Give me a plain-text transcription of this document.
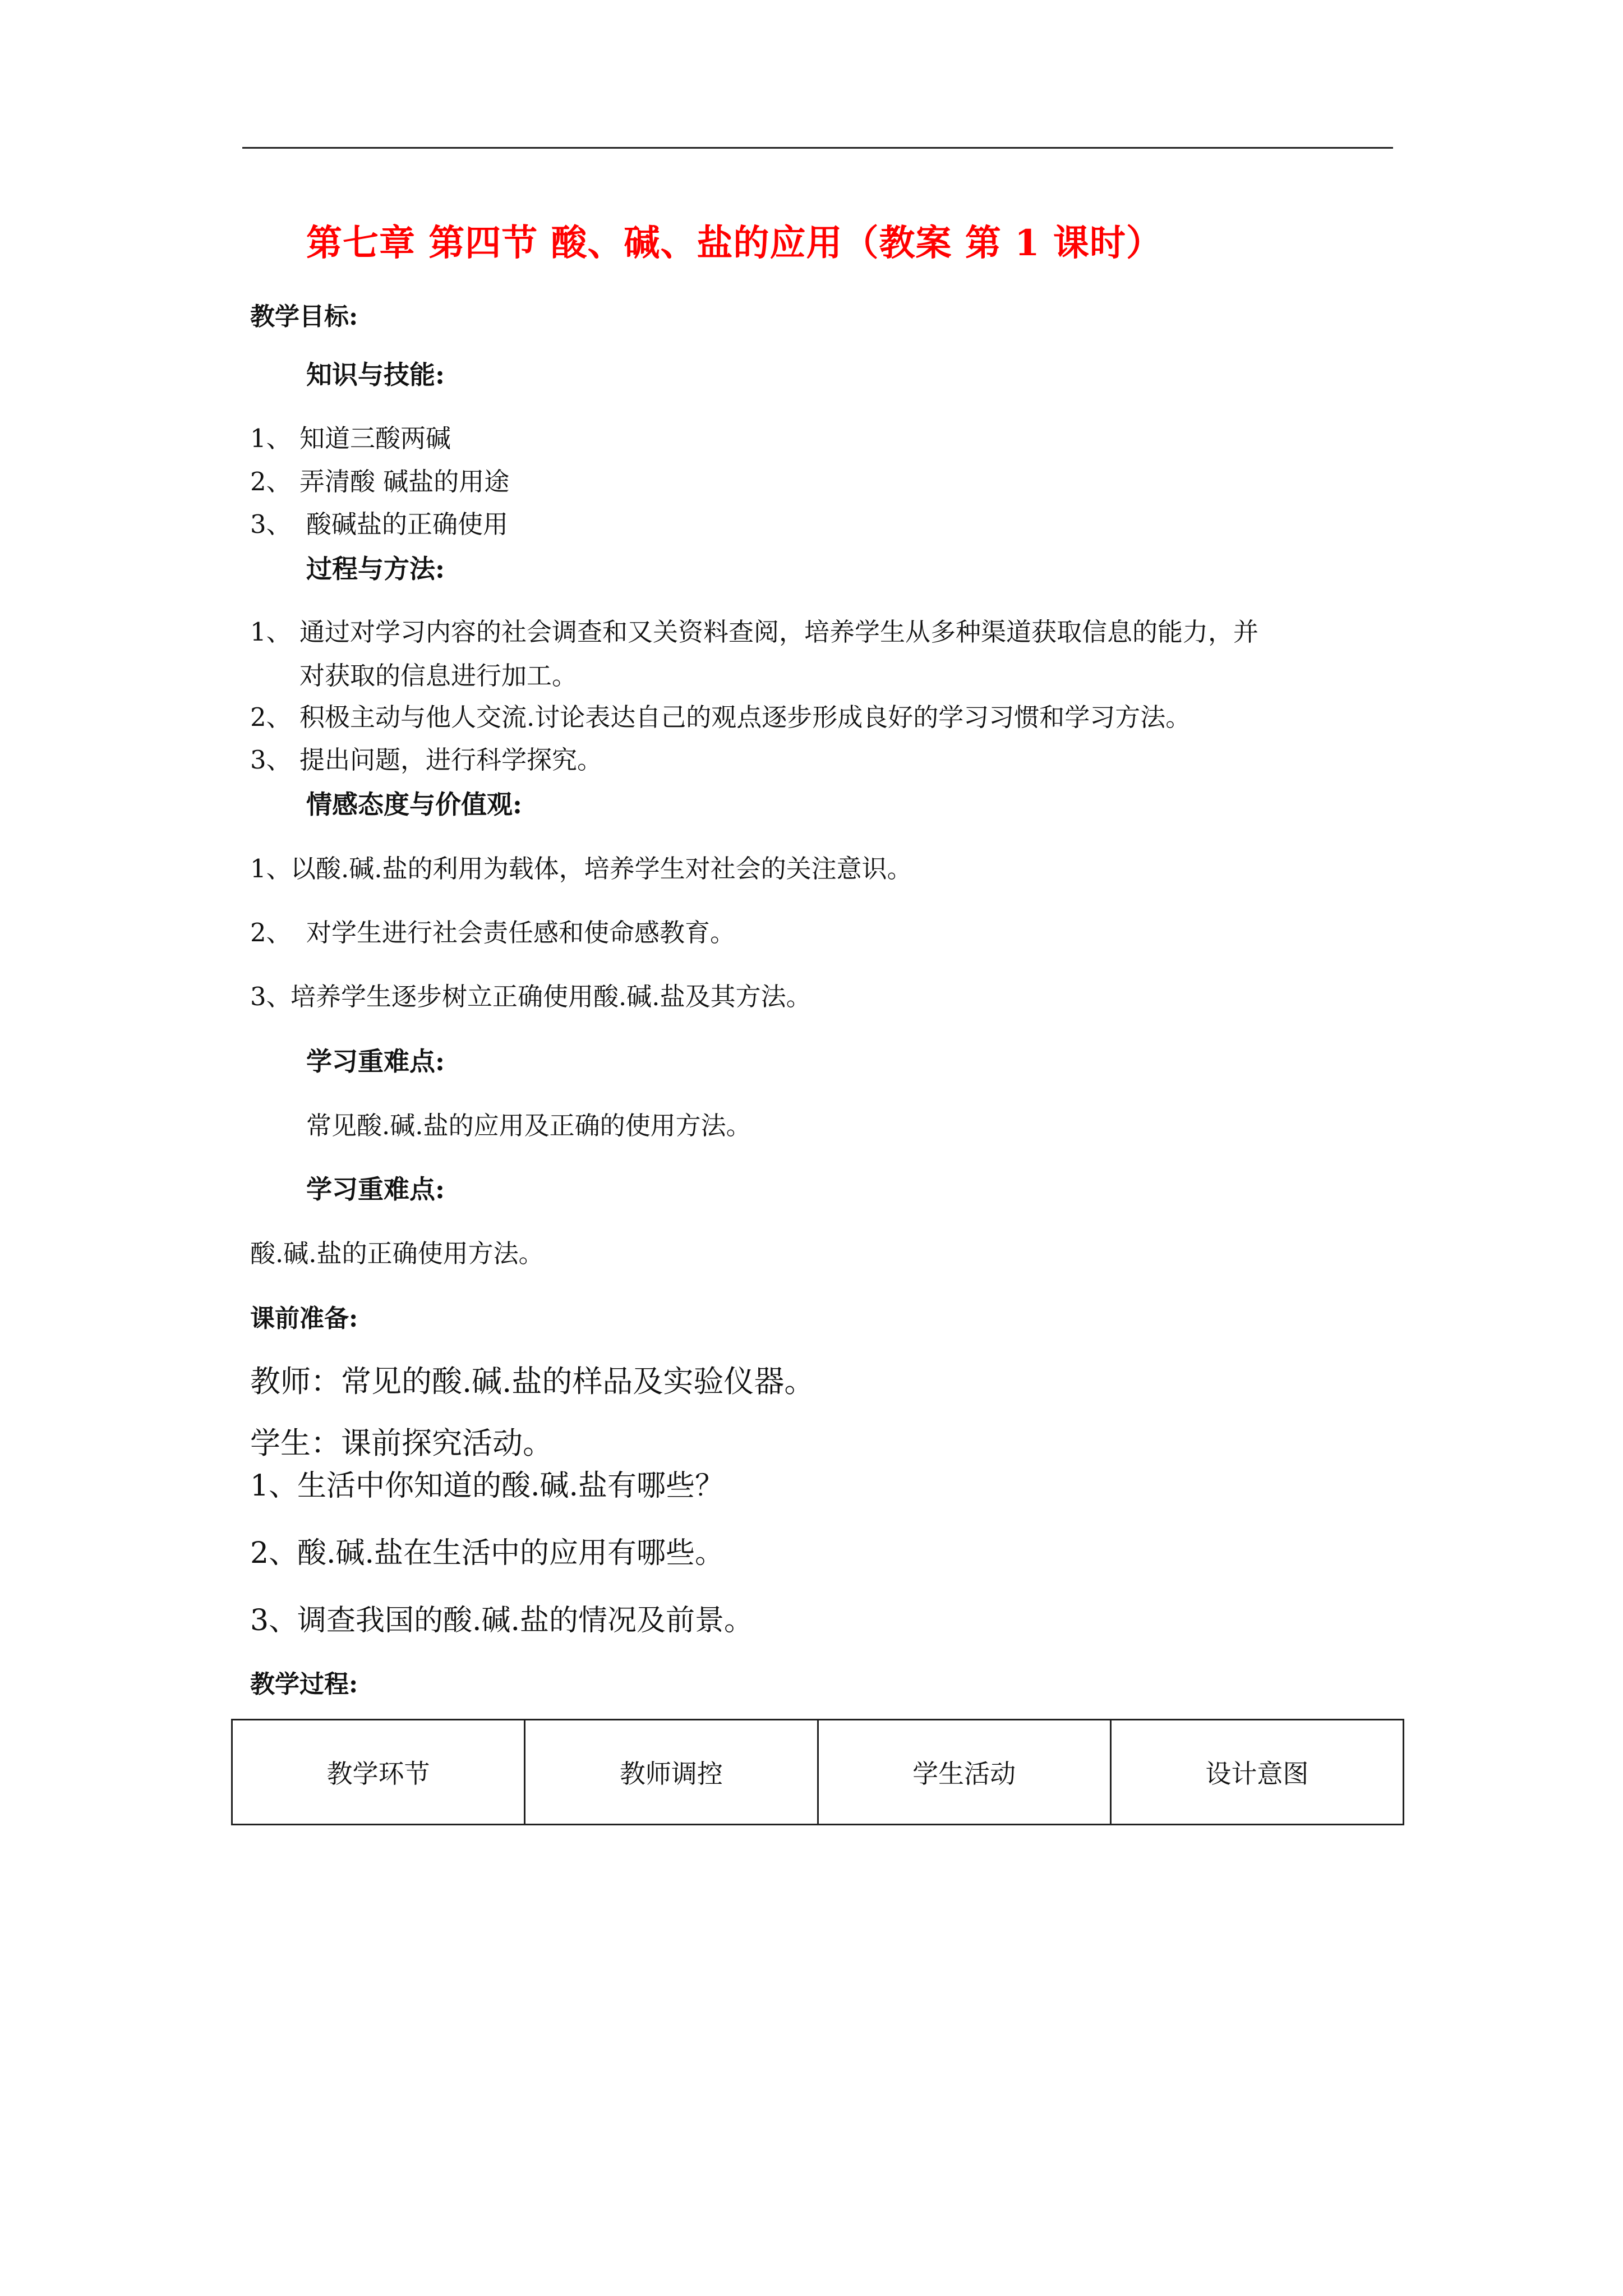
第七章 第四节 酸、碱、盐的应用（教案 第 1 课时）
教学目标:
知识与技能:
1、 知道三酸两碱
2、 弄清酸 碱盐的用途
3、 酸碱盐的正确使用
过程与方法:
1、 通过对学习内容的社会调查和又关资料查阅，培养学生从多种渠道获取信息的能力，并
对获取的信息进行加工。
2、 积极主动与他人交流.讨论表达自己的观点逐步形成良好的学习习惯和学习方法。
3、 提出问题，进行科学探究。
情感态度与价值观:
1、
以酸.碱.盐的利用为载体，培养学生对社会的关注意识。
2、 对学生进行社会责任感和使命感教育。
3、
培养学生逐步树立正确使用酸.碱.盐及其方法。
学习重难点:
常见酸.碱.盐的应用及正确的使用方法。
学习重难点:
酸.碱.盐的正确使用方法。
课前准备:
教师：常见的酸.碱.盐的样品及实验仪器。
学生：课前探究活动。
1、
生活中你知道的酸.碱.盐有哪些？
2、
酸.碱.盐在生活中的应用有哪些。
3、
调查我国的酸.碱.盐的情况及前景。
教学过程:
教学环节	教师调控	学生活动	设计意图
